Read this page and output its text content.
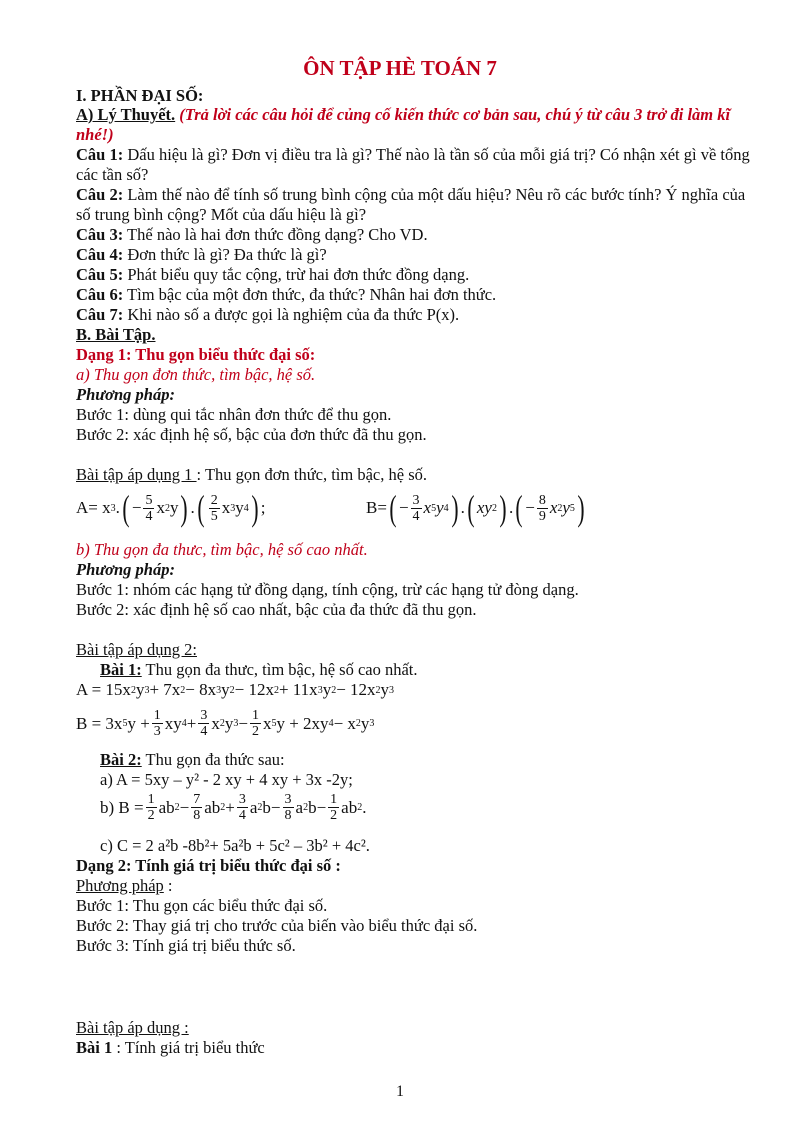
ÔN TẬP HÈ TOÁN 7
I. PHẦN ĐẠI SỐ:
A) Lý Thuyết. (Trả lời các câu hỏi để củng cố kiến thức cơ bản sau, chú ý từ câu 3 trở đi làm kĩ nhé!)
Câu 1: Dấu hiệu là gì? Đơn vị điều tra là gì? Thế nào là tần số của mỗi giá trị? Có nhận xét gì về tổng các tần số?
Câu 2: Làm thế nào để tính số trung bình cộng của một dấu hiệu? Nêu rõ các bước tính? Ý nghĩa của số trung bình cộng? Mốt của dấu hiệu là gì?
Câu 3: Thế nào là hai đơn thức đồng dạng? Cho VD.
Câu 4: Đơn thức là gì? Đa thức là gì?
Câu 5: Phát biểu quy tắc cộng, trừ hai đơn thức đồng dạng.
Câu 6: Tìm bậc của một đơn thức, đa thức? Nhân hai đơn thức.
Câu 7: Khi nào số a được gọi là nghiệm của đa thức P(x).
B. Bài Tập.
Dạng 1: Thu gọn biểu thức đại số:
a) Thu gọn đơn thức, tìm bậc, hệ số.
Phương pháp:
Bước 1: dùng qui tắc nhân đơn thức để thu gọn.
Bước 2: xác định hệ số, bậc của đơn thức đã thu gọn.
Bài tập áp dụng 1 : Thu gọn đơn thức, tìm bậc, hệ số.
A= x 3 . ( − $\frac{5}{4}$ x 2 y ) . ( $\frac{2}{5}$ x 3 y 4 ) ;	B= ( − $\frac{3}{4}$ x 5 y 4 ) . ( xy 2 ) . ( − $\frac{8}{9}$ x 2 y 5 )
b) Thu gọn đa thưc, tìm bậc, hệ số cao nhất.
Phương pháp:
Bước 1: nhóm các hạng tử đồng dạng, tính cộng, trừ các hạng tử đòng dạng.
Bước 2: xác định hệ số cao nhất, bậc của đa thức đã thu gọn.
Bài tập áp dụng 2:
Bài 1: Thu gọn đa thưc, tìm bậc, hệ số cao nhất.
A = 15x 2 y 3 + 7x 2 − 8x 3 y 2 − 12x 2 + 11x 3 y 2 − 12x 2 y 3
B = 3x 5 $y + \frac{1}{3}$ xy $4 + \frac{3}{4}$ x 2 y $3 - \frac{1}{2}$ x 5 y + 2xy 4 − x 2 y 3
Bài 2: Thu gọn đa thức sau:
a) A = 5xy – y² - 2 xy + 4 xy + 3x -2y;
b) $B = \frac{1}{2}$ ab $2 - \frac{7}{8}$ ab $2 + \frac{3}{4}$ a 2 $b- \frac{3}{8}$ a 2 $b- \frac{1}{2}$ ab 2 .
c) C = 2 a²b -8b²+ 5a²b + 5c² – 3b² + 4c².
Dạng 2: Tính giá trị biểu thức đại số :
Phương pháp :
Bước 1: Thu gọn các biểu thức đại số.
Bước 2: Thay giá trị cho trước của biến vào biểu thức đại số.
Bước 3: Tính giá trị biểu thức số.
Bài tập áp dụng :
Bài 1 : Tính giá trị biểu thức
1
